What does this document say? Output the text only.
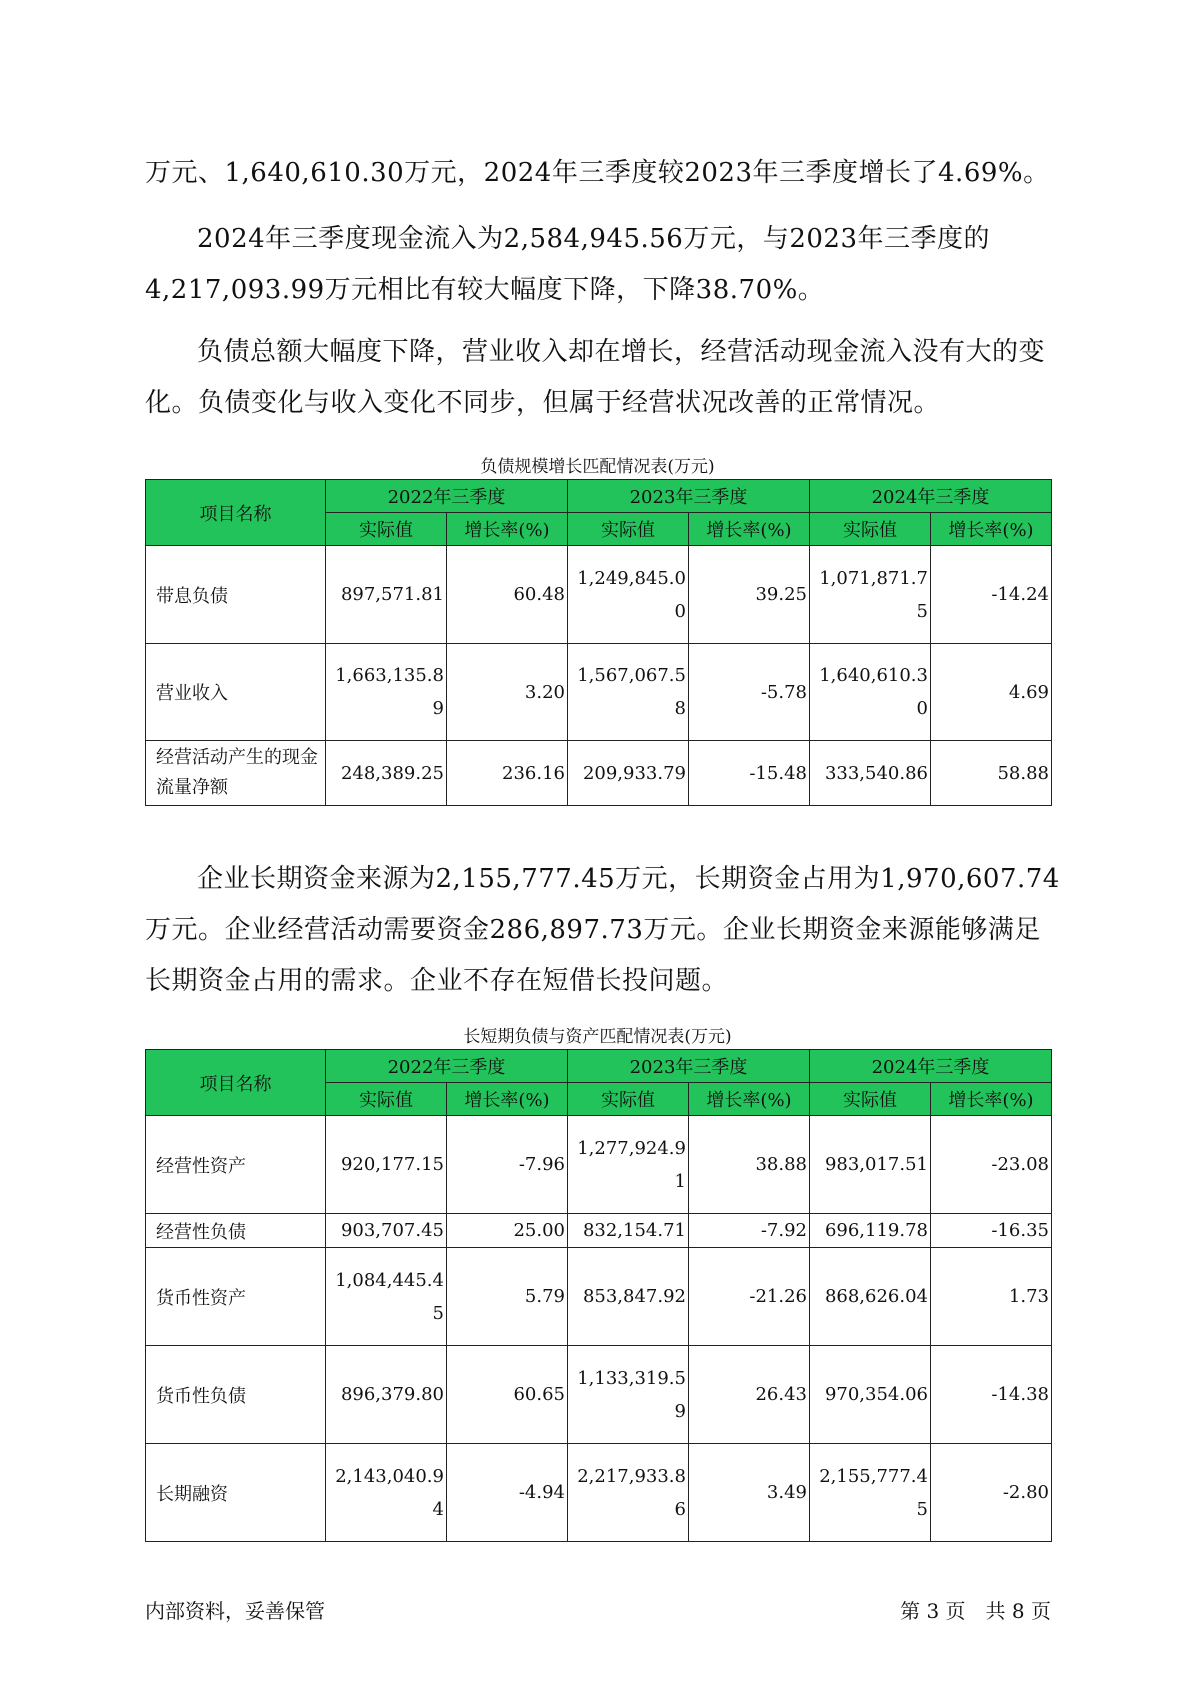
万元、1,640,610.30万元，2024年三季度较2023年三季度增长了4.69%。

2024年三季度现金流入为2,584,945.56万元，与2023年三季度的4,217,093.99万元相比有较大幅度下降，下降38.70%。

负债总额大幅度下降，营业收入却在增长，经营活动现金流入没有大的变化。负债变化与收入变化不同步，但属于经营状况改善的正常情况。

负债规模增长匹配情况表(万元)
项目名称	2022年三季度		2023年三季度		2024年三季度	
	实际值	增长率(%)	实际值	增长率(%)	实际值	增长率(%)
带息负债	897,571.81	60.48	1,249,845.00	39.25	1,071,871.75	-14.24
营业收入	1,663,135.89	3.20	1,567,067.58	-5.78	1,640,610.30	4.69
经营活动产生的现金流量净额	248,389.25	236.16	209,933.79	-15.48	333,540.86	58.88

企业长期资金来源为2,155,777.45万元，长期资金占用为1,970,607.74万元。企业经营活动需要资金286,897.73万元。企业长期资金来源能够满足长期资金占用的需求。企业不存在短借长投问题。

长短期负债与资产匹配情况表(万元)
项目名称	2022年三季度		2023年三季度		2024年三季度	
	实际值	增长率(%)	实际值	增长率(%)	实际值	增长率(%)
经营性资产	920,177.15	-7.96	1,277,924.91	38.88	983,017.51	-23.08
经营性负债	903,707.45	25.00	832,154.71	-7.92	696,119.78	-16.35
货币性资产	1,084,445.45	5.79	853,847.92	-21.26	868,626.04	1.73
货币性负债	896,379.80	60.65	1,133,319.59	26.43	970,354.06	-14.38
长期融资	2,143,040.94	-4.94	2,217,933.86	3.49	2,155,777.45	-2.80
内部资料，妥善保管	第 3 页　共 8 页
